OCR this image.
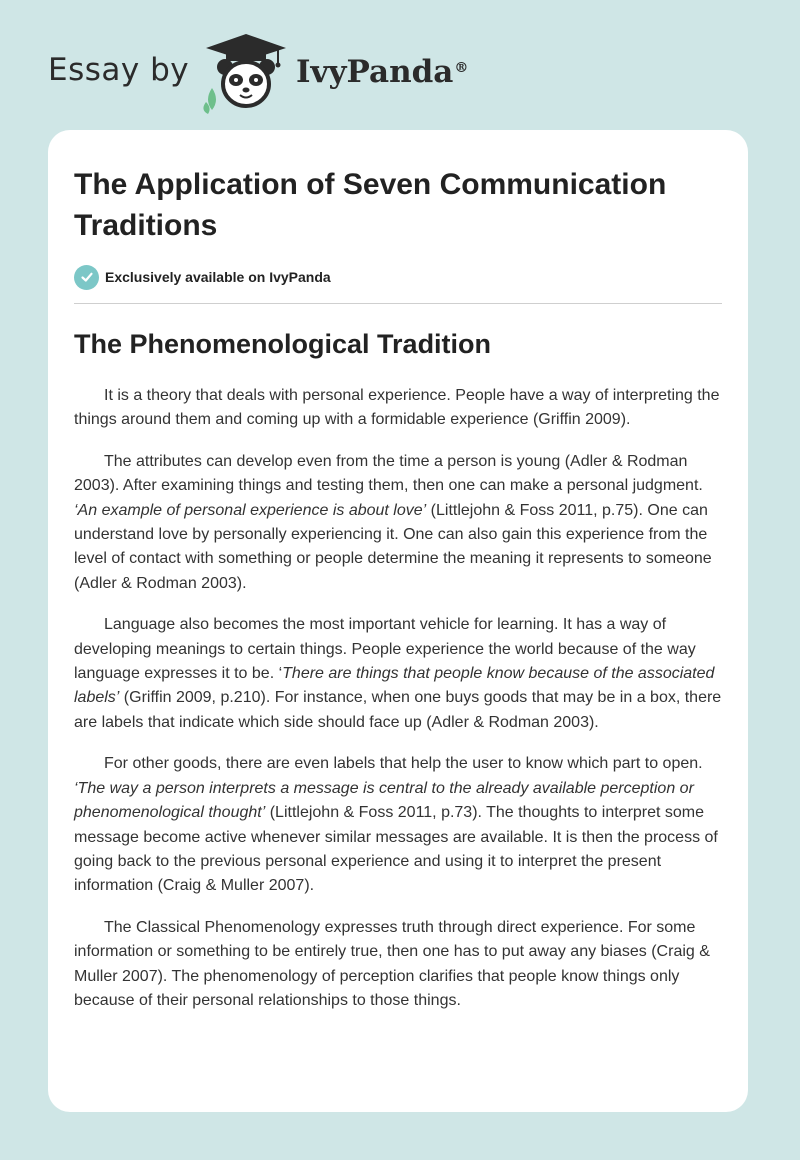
Essay by	IvyPanda®
The Application of Seven Communication Traditions
Exclusively available on IvyPanda
The Phenomenological Tradition

It is a theory that deals with personal experience. People have a way of interpreting the things around them and coming up with a formidable experience (Griffin 2009).

The attributes can develop even from the time a person is young (Adler & Rodman 2003). After examining things and testing them, then one can make a personal judgment. ‘An example of personal experience is about love’ (Littlejohn & Foss 2011, p.75). One can understand love by personally experiencing it. One can also gain this experience from the level of contact with something or people determine the meaning it represents to someone (Adler & Rodman 2003).

Language also becomes the most important vehicle for learning. It has a way of developing meanings to certain things. People experience the world because of the way language expresses it to be. ‘There are things that people know because of the associated labels’ (Griffin 2009, p.210). For instance, when one buys goods that may be in a box, there are labels that indicate which side should face up (Adler & Rodman 2003).

For other goods, there are even labels that help the user to know which part to open. ‘The way a person interprets a message is central to the already available perception or phenomenological thought’ (Littlejohn & Foss 2011, p.73). The thoughts to interpret some message become active whenever similar messages are available. It is then the process of going back to the previous personal experience and using it to interpret the present information (Craig & Muller 2007).

The Classical Phenomenology expresses truth through direct experience. For some information or something to be entirely true, then one has to put away any biases (Craig & Muller 2007). The phenomenology of perception clarifies that people know things only because of their personal relationships to those things.
